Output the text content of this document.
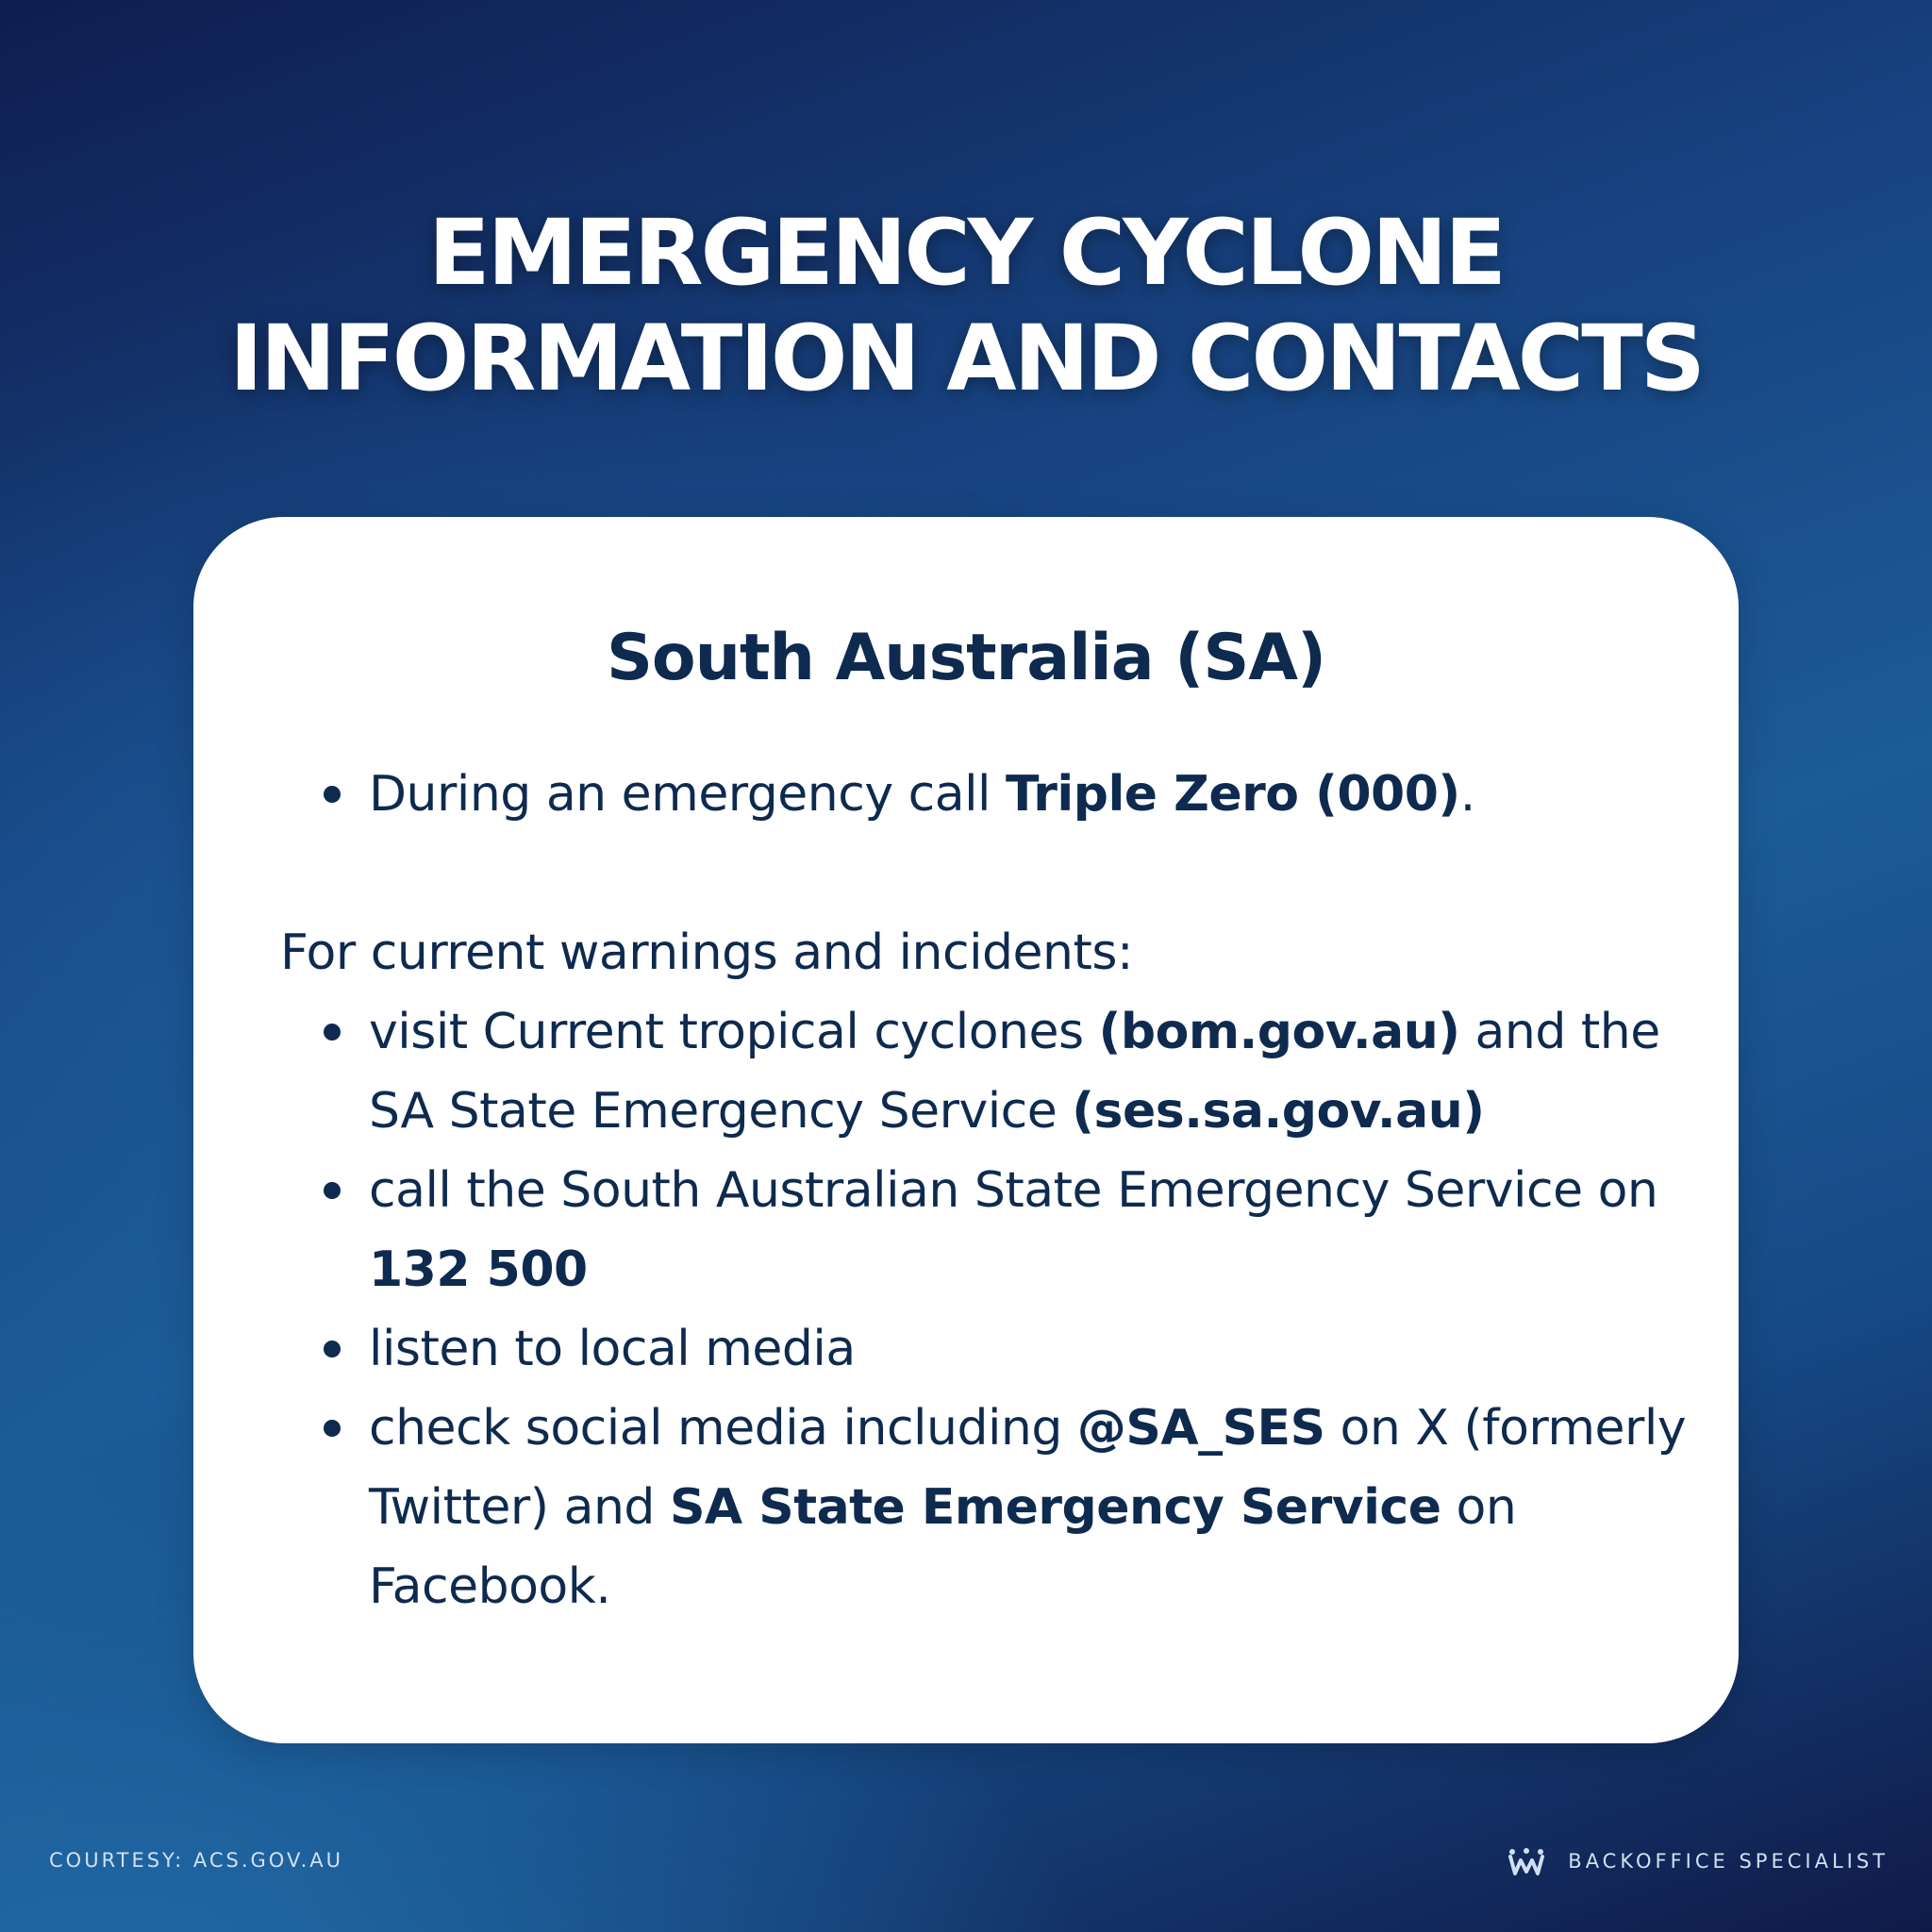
EMERGENCY CYCLONE
INFORMATION AND CONTACTS
South Australia (SA)
During an emergency call Triple Zero (000).
For current warnings and incidents:
visit Current tropical cyclones (bom.gov.au) and the SA State Emergency Service (ses.sa.gov.au)
call the South Australian State Emergency Service on 132 500
listen to local media
check social media including @SA_SES on X (formerly Twitter) and SA State Emergency Service on Facebook.
COURTESY: ACS.GOV.AU	BACKOFFICE SPECIALIST
